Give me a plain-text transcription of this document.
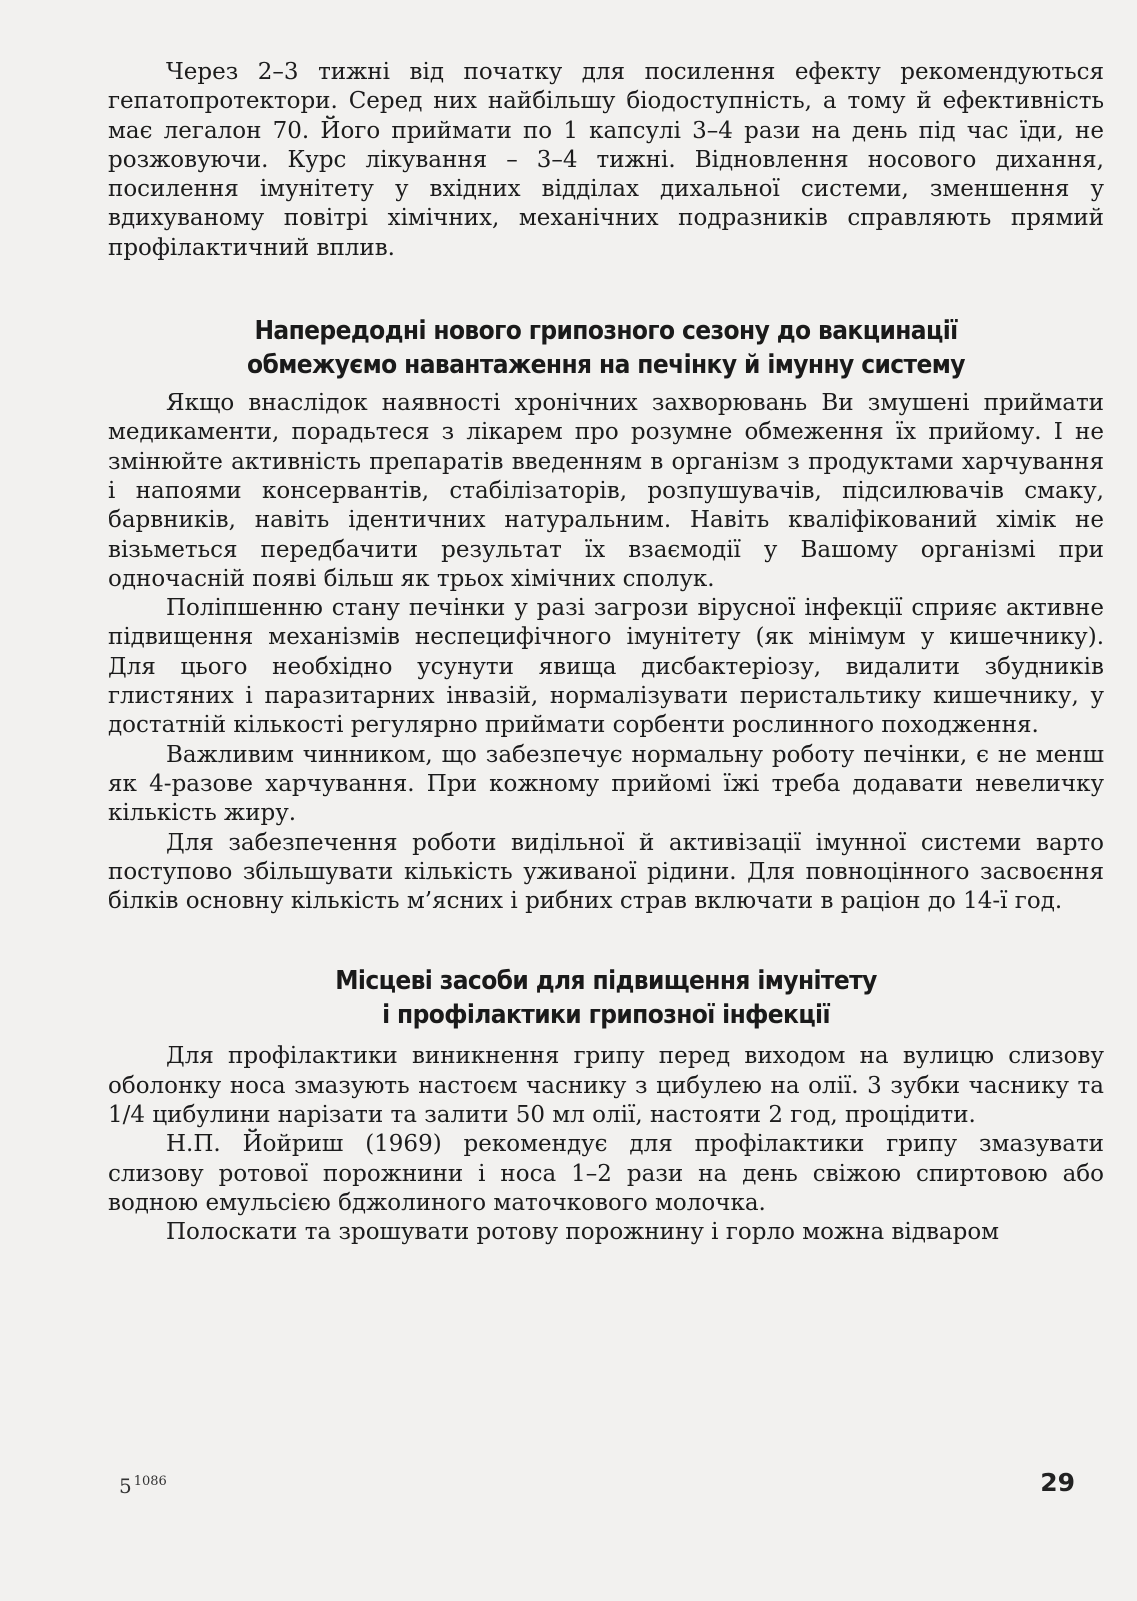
Через 2–3 тижні від початку для посилення ефекту рекомендуються гепатопротектори. Серед них найбільшу біодоступність, а тому й ефективність має легалон 70. Його приймати по 1 капсулі 3–4 рази на день під час їди, не розжовуючи. Курс лікування – 3–4 тижні. Відновлення носового дихання, посилення імунітету у вхідних відділах дихальної системи, зменшення у вдихуваному повітрі хімічних, механічних подразників справляють прямий профілактичний вплив.

Напередодні нового грипозного сезону до вакцинації
обмежуємо навантаження на печінку й імунну систему

Якщо внаслідок наявності хронічних захворювань Ви змушені приймати медикаменти, порадьтеся з лікарем про розумне обмеження їх прийому. І не змінюйте активність препаратів введенням в організм з продуктами харчування і напоями консервантів, стабілізаторів, розпушувачів, підсилювачів смаку, барвників, навіть ідентичних натуральним. Навіть кваліфікований хімік не візьметься передбачити результат їх взаємодії у Вашому організмі при одночасній появі більш як трьох хімічних сполук.

Поліпшенню стану печінки у разі загрози вірусної інфекції сприяє активне підвищення механізмів неспецифічного імунітету (як мінімум у кишечнику). Для цього необхідно усунути явища дисбактеріозу, видалити збудників глистяних і паразитарних інвазій, нормалізувати перистальтику кишечнику, у достатній кількості регулярно приймати сорбенти рослинного походження.

Важливим чинником, що забезпечує нормальну роботу печінки, є не менш як 4-разове харчування. При кожному прийомі їжі треба додавати невеличку кількість жиру.

Для забезпечення роботи видільної й активізації імунної системи варто поступово збільшувати кількість уживаної рідини. Для повноцінного засвоєння білків основну кількість м’ясних і рибних страв включати в раціон до 14-ї год.

Місцеві засоби для підвищення імунітету
і профілактики грипозної інфекції

Для профілактики виникнення грипу перед виходом на вулицю слизову оболонку носа змазують настоєм часнику з цибулею на олії. 3 зубки часнику та 1/4 цибулини нарізати та залити 50 мл олії, настояти 2 год, процідити.

Н.П. Йойриш (1969) рекомендує для профілактики грипу змазувати слизову ротової порожнини і носа 1–2 рази на день свіжою спиртовою або водною емульсією бджолиного маточкового молочка.

Полоскати та зрошувати ротову порожнину і горло можна відваром

5 $^{1086}$	29
